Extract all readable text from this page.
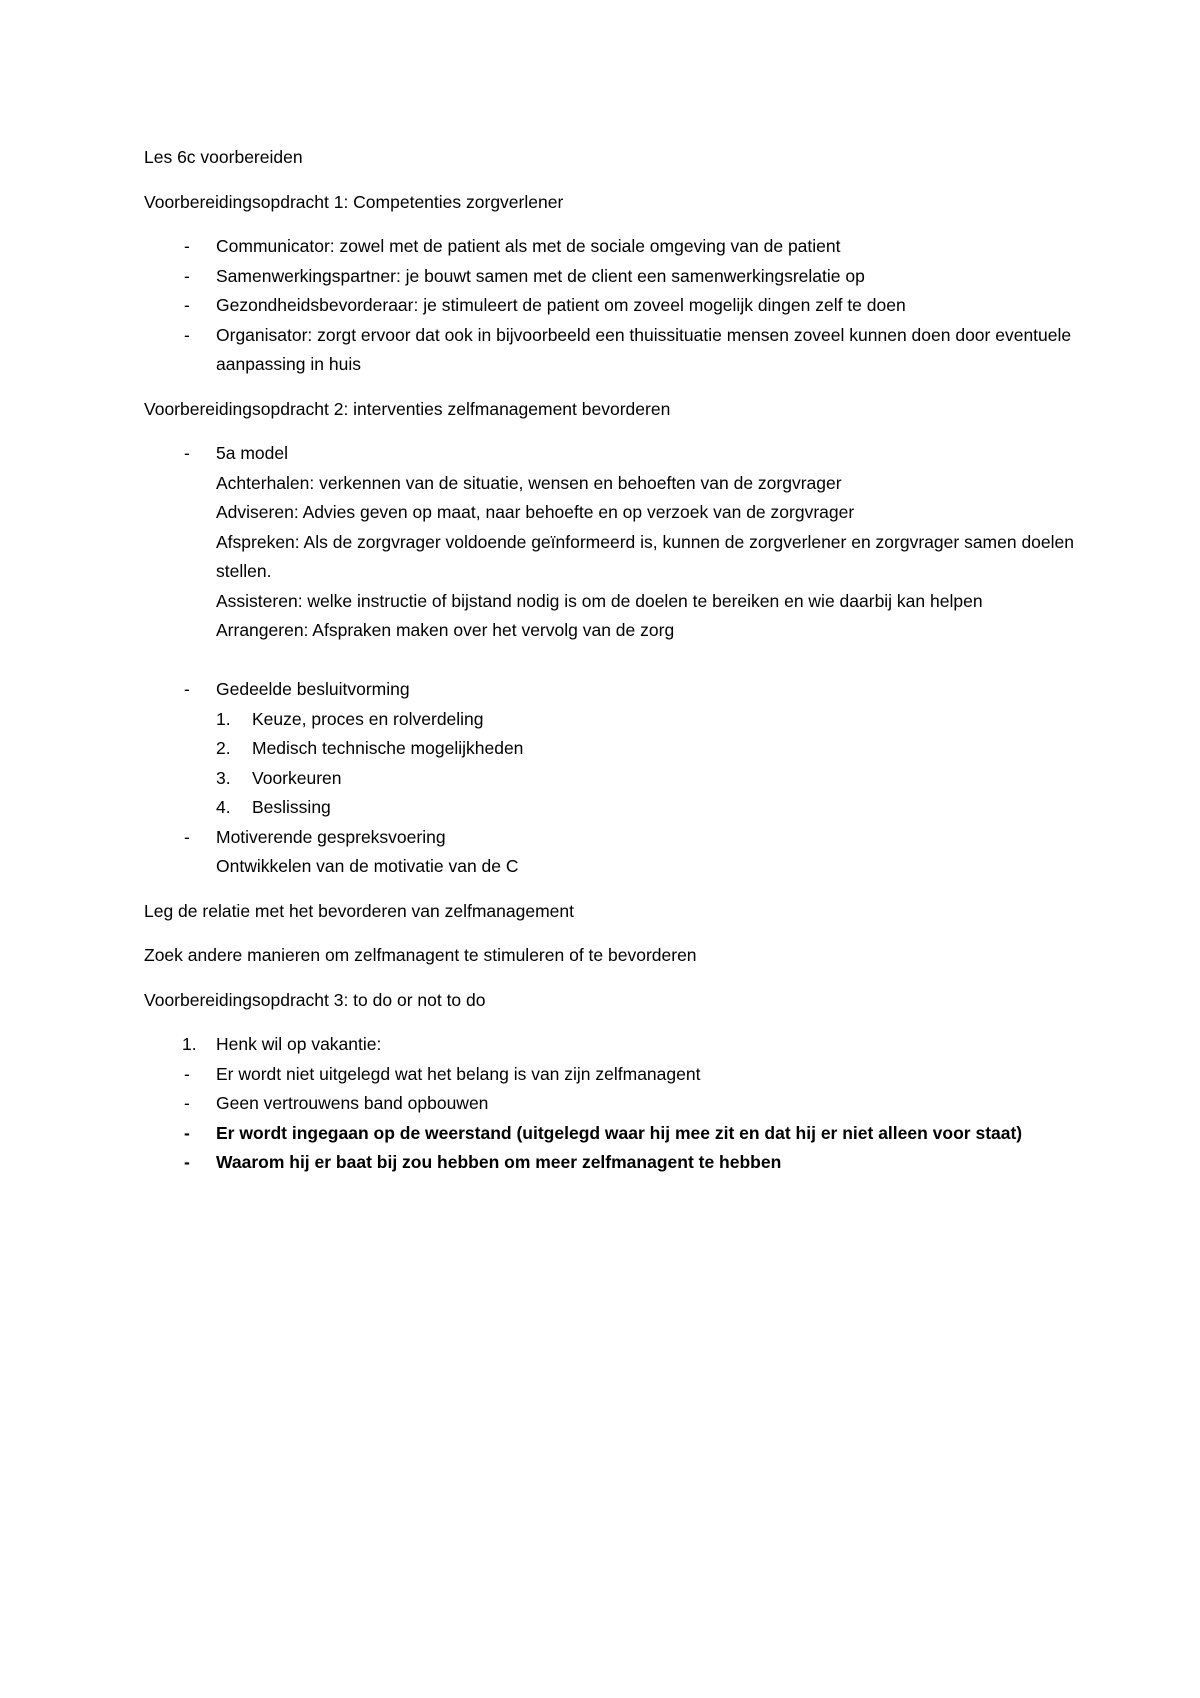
Les 6c voorbereiden

Voorbereidingsopdracht 1: Competenties zorgverlener

- Communicator: zowel met de patient als met de sociale omgeving van de patient
- Samenwerkingspartner: je bouwt samen met de client een samenwerkingsrelatie op
- Gezondheidsbevorderaar: je stimuleert de patient om zoveel mogelijk dingen zelf te doen
- Organisator: zorgt ervoor dat ook in bijvoorbeeld een thuissituatie mensen zoveel kunnen doen door eventuele aanpassing in huis

Voorbereidingsopdracht 2: interventies zelfmanagement bevorderen

- 5a model
Achterhalen: verkennen van de situatie, wensen en behoeften van de zorgvrager
Adviseren: Advies geven op maat, naar behoefte en op verzoek van de zorgvrager
Afspreken: Als de zorgvrager voldoende geïnformeerd is, kunnen de zorgverlener en zorgvrager samen doelen stellen.
Assisteren: welke instructie of bijstand nodig is om de doelen te bereiken en wie daarbij kan helpen
Arrangeren: Afspraken maken over het vervolg van de zorg
- Gedeelde besluitvorming
1. Keuze, proces en rolverdeling
2. Medisch technische mogelijkheden
3. Voorkeuren
4. Beslissing
- Motiverende gespreksvoering
Ontwikkelen van de motivatie van de C

Leg de relatie met het bevorderen van zelfmanagement

Zoek andere manieren om zelfmanagent te stimuleren of te bevorderen

Voorbereidingsopdracht 3: to do or not to do

1. Henk wil op vakantie:
- Er wordt niet uitgelegd wat het belang is van zijn zelfmanagent
- Geen vertrouwens band opbouwen
- Er wordt ingegaan op de weerstand (uitgelegd waar hij mee zit en dat hij er niet alleen voor staat)
- Waarom hij er baat bij zou hebben om meer zelfmanagent te hebben
